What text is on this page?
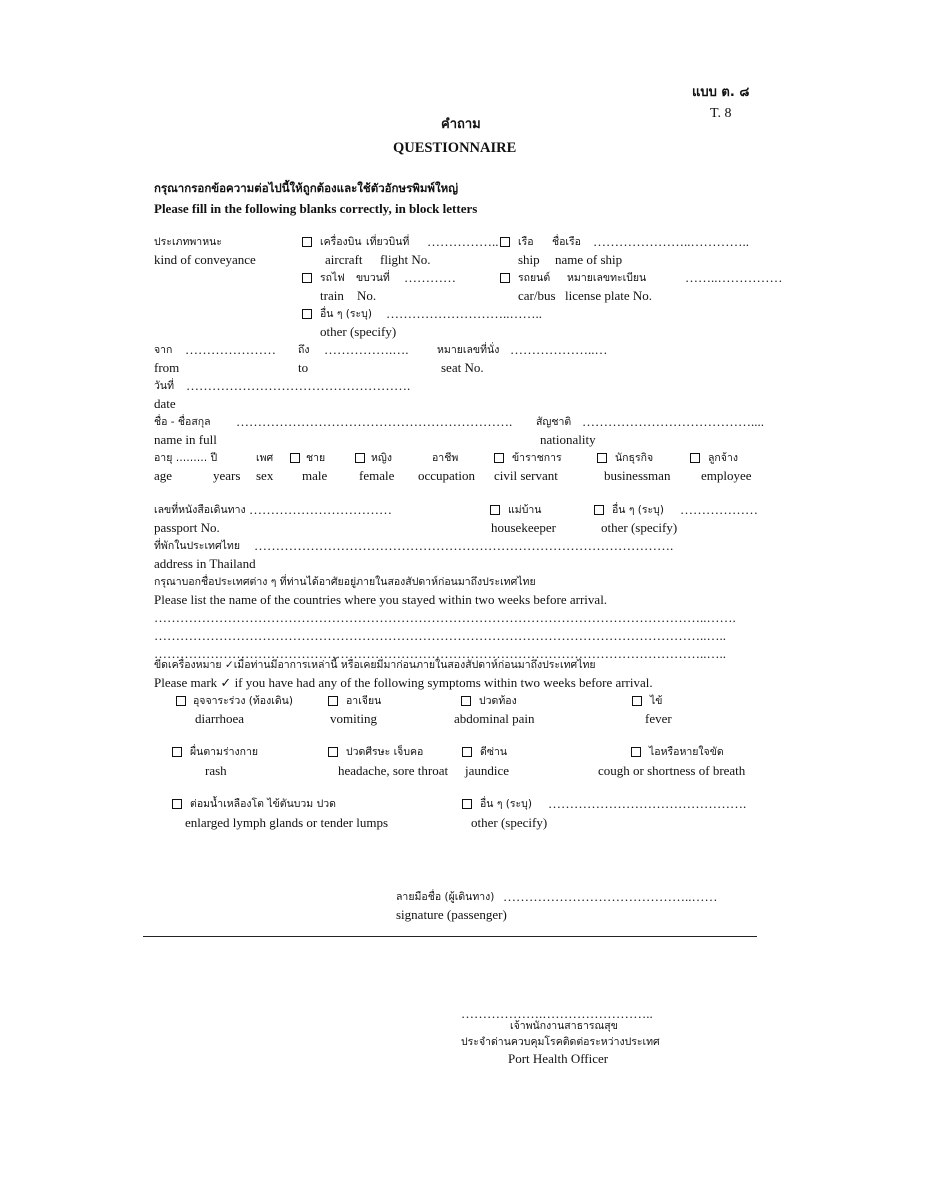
แบบ ต. ๘
T. 8
คำถาม
QUESTIONNAIRE
กรุณากรอกข้อความต่อไปนี้ให้ถูกต้องและใช้ตัวอักษรพิมพ์ใหญ่
Please fill in the following blanks correctly, in block letters
ประเภทพาหนะ	เครื่องบิน เที่ยวบินที่ …………….. เรือ ชื่อเรือ …………………..…………..
kind of conveyance	aircraft flight No.	ship name of ship
รถไฟ ขบวนที่ …………	รถยนต์ หมายเลขทะเบียน	……..……………
train No.	car/bus license plate No.
อื่น ๆ (ระบุ) ………………………..……..
other (specify)
จาก ………………… ถึง …………….….	หมายเลขที่นั่ง ………………..…
from	to	seat No.
วันที่ …………………………………………….
date
ชื่อ - ชื่อสกุล ………………………………………………………. สัญชาติ …………………………………....
name in full	nationality
อายุ ……… ปี	เพศ	ชาย	หญิง	อาชีพ	ข้าราชการ	นักธุรกิจ	ลูกจ้าง
age	years sex male female occupation civil servant	businessman employee
เลขที่หนังสือเดินทาง ……………………………	แม่บ้าน	อื่น ๆ (ระบุ) ………………
passport No.	housekeeper	other (specify)
ที่พักในประเทศไทย …………………………………………………………………………………….
address in Thailand
กรุณาบอกชื่อประเทศต่าง ๆ ที่ท่านได้อาศัยอยู่ภายในสองสัปดาห์ก่อนมาถึงประเทศไทย
Please list the name of the countries where you stayed within two weeks before arrival.
………………………………………………………………………………………………………………..…….
………………………………………………………………………………………………………………..…..
………………………………………………………………………………………………………………..…..
ขีดเครื่องหมาย ✓เมื่อท่านมีอาการเหล่านี้ หรือเคยมีมาก่อนภายในสองสัปดาห์ก่อนมาถึงประเทศไทย
Please mark ✓ if you have had any of the following symptoms within two weeks before arrival.
อุจจาระร่วง (ท้องเดิน)
diarrhoea
อาเจียน
vomiting
ปวดท้อง
abdominal pain
ไข้
fever
ผื่นตามร่างกาย
rash
ปวดศีรษะ เจ็บคอ
headache, sore throat
ดีซ่าน
jaundice
ไอหรือหายใจขัด
cough or shortness of breath
ต่อมน้ำเหลืองโต ไข้ตันบวม ปวด
enlarged lymph glands or tender lumps
อื่น ๆ (ระบุ) ……………………………………….
other (specify)
ลายมือชื่อ (ผู้เดินทาง) ……………………………………..……
signature (passenger)
……………….……………………..
เจ้าพนักงานสาธารณสุข
ประจำด่านควบคุมโรคติดต่อระหว่างประเทศ
Port Health Officer
